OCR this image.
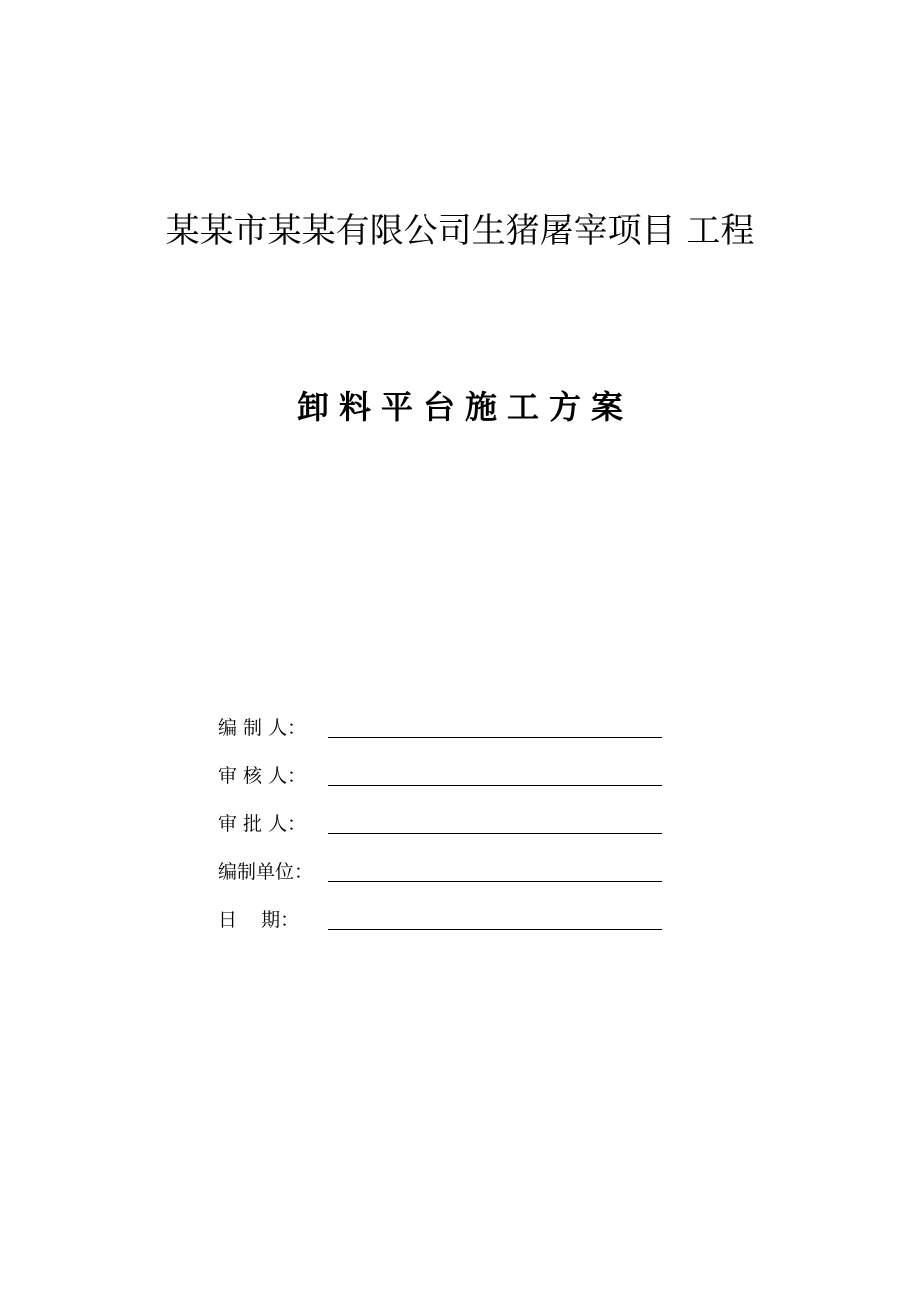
某某市某某有限公司生猪屠宰项目 工程
卸料平台施工方案
编 制 人：
审 核 人：
审 批 人：
编制单位：
日    期：
